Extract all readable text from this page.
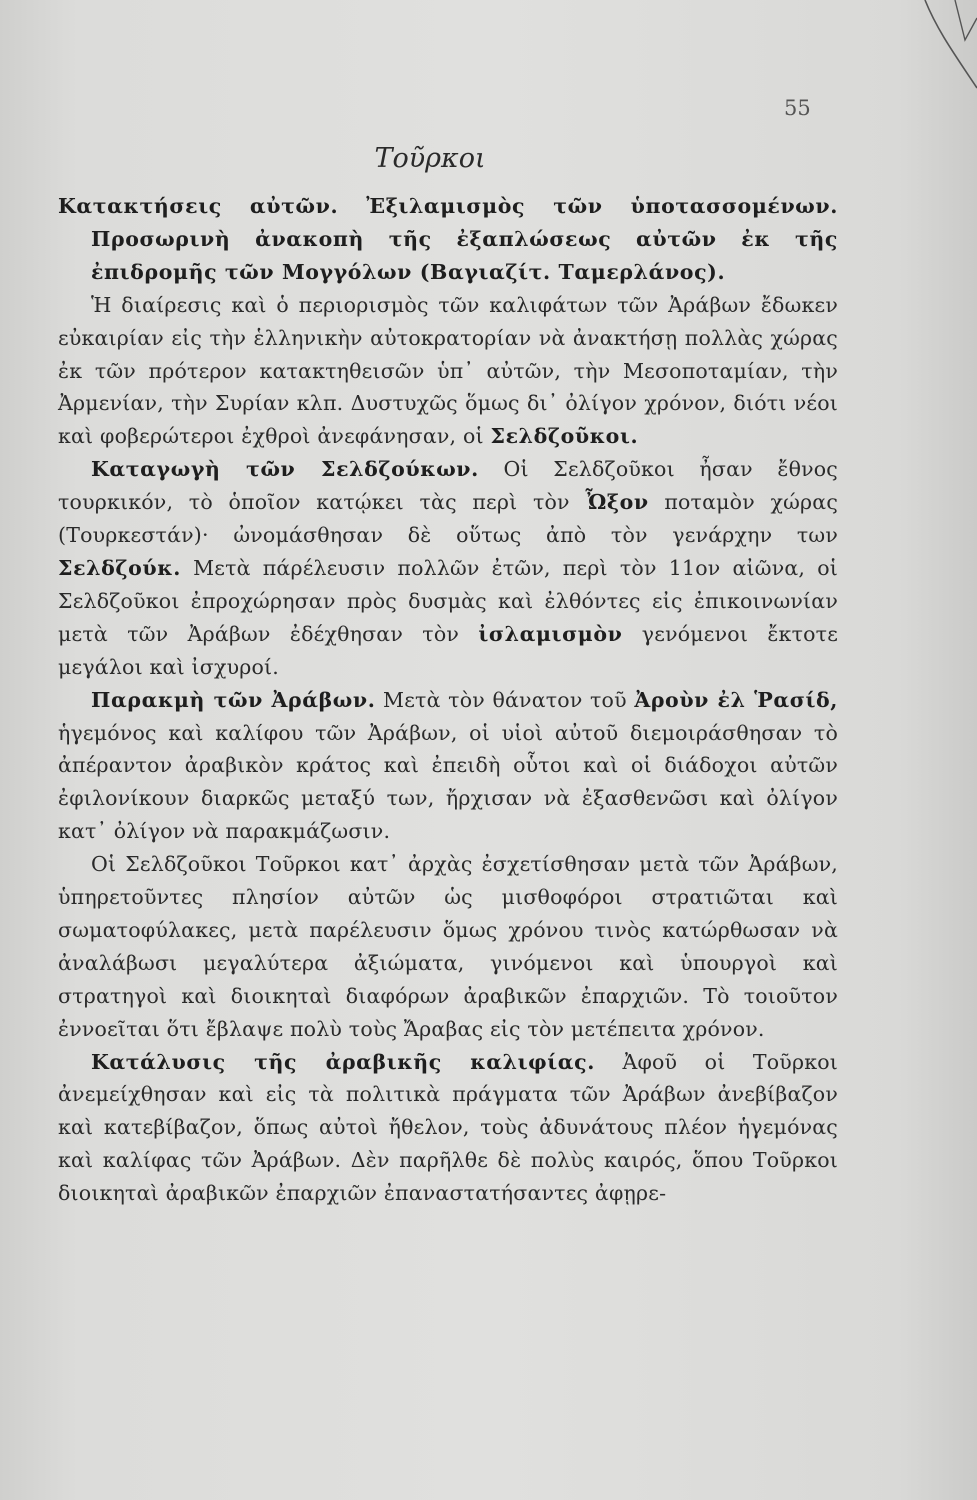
55
Τοῦρκοι

Κατακτήσεις αὐτῶν. Ἐξιλαμισμὸς τῶν ὑποτασσομένων. Προσωρινὴ ἀνακοπὴ τῆς ἐξαπλώσεως αὐτῶν ἐκ τῆς ἐπιδρομῆς τῶν Μογγόλων (Βαγιαζίτ. Ταμερλάνος).

Ἡ διαίρεσις καὶ ὁ περιορισμὸς τῶν καλιφάτων τῶν Ἀράβων ἔδωκεν εὐκαιρίαν εἰς τὴν ἑλληνικὴν αὐτοκρατορίαν νὰ ἀνακτήσῃ πολλὰς χώρας ἐκ τῶν πρότερον κατακτηθεισῶν ὑπ᾽ αὐτῶν, τὴν Μεσοποταμίαν, τὴν Ἀρμενίαν, τὴν Συρίαν κλπ. Δυστυχῶς ὅμως δι᾽ ὀλίγον χρόνον, διότι νέοι καὶ φοβερώτεροι ἐχθροὶ ἀνεφάνησαν, οἱ Σελδζοῦκοι.

Καταγωγὴ τῶν Σελδζούκων. Οἱ Σελδζοῦκοι ἦσαν ἔθνος τουρκικόν, τὸ ὁποῖον κατῴκει τὰς περὶ τὸν Ὦξον ποταμὸν χώρας (Τουρκεστάν)· ὠνομάσθησαν δὲ οὕτως ἀπὸ τὸν γενάρχην των Σελδζούκ. Μετὰ πάρέλευσιν πολλῶν ἐτῶν, περὶ τὸν 11ον αἰῶνα, οἱ Σελδζοῦκοι ἐπροχώρησαν πρὸς δυσμὰς καὶ ἐλθόντες εἰς ἐπικοινωνίαν μετὰ τῶν Ἀράβων ἐδέχθησαν τὸν ἰσλαμισμὸν γενόμενοι ἔκτοτε μεγάλοι καὶ ἰσχυροί.

Παρακμὴ τῶν Ἀράβων. Μετὰ τὸν θάνατον τοῦ Ἀροὺν ἐλ Ῥασίδ, ἡγεμόνος καὶ καλίφου τῶν Ἀράβων, οἱ υἱοὶ αὐτοῦ διεμοιράσθησαν τὸ ἀπέραντον ἀραβικὸν κράτος καὶ ἐπειδὴ οὗτοι καὶ οἱ διάδοχοι αὐτῶν ἐφιλονίκουν διαρκῶς μεταξύ των, ἤρχισαν νὰ ἐξασθενῶσι καὶ ὀλίγον κατ᾽ ὀλίγον νὰ παρακμάζωσιν.

Οἱ Σελδζοῦκοι Τοῦρκοι κατ᾽ ἀρχὰς ἐσχετίσθησαν μετὰ τῶν Ἀράβων, ὑπηρετοῦντες πλησίον αὐτῶν ὡς μισθοφόροι στρατιῶται καὶ σωματοφύλακες, μετὰ παρέλευσιν ὅμως χρόνου τινὸς κατώρθωσαν νὰ ἀναλάβωσι μεγαλύτερα ἀξιώματα, γινόμενοι καὶ ὑπουργοὶ καὶ στρατηγοὶ καὶ διοικηταὶ διαφόρων ἀραβικῶν ἐπαρχιῶν. Τὸ τοιοῦτον ἐννοεῖται ὅτι ἔβλαψε πολὺ τοὺς Ἄραβας εἰς τὸν μετέπειτα χρόνον.

Κατάλυσις τῆς ἀραβικῆς καλιφίας. Ἀφοῦ οἱ Τοῦρκοι ἀνεμείχθησαν καὶ εἰς τὰ πολιτικὰ πράγματα τῶν Ἀράβων ἀνεβίβαζον καὶ κατεβίβαζον, ὅπως αὐτοὶ ἤθελον, τοὺς ἀδυνάτους πλέον ἡγεμόνας καὶ καλίφας τῶν Ἀράβων. Δὲν παρῆλθε δὲ πολὺς καιρός, ὅπου Τοῦρκοι διοικηταὶ ἀραβικῶν ἐπαρχιῶν ἐπαναστατήσαντες ἀφῃρε-
